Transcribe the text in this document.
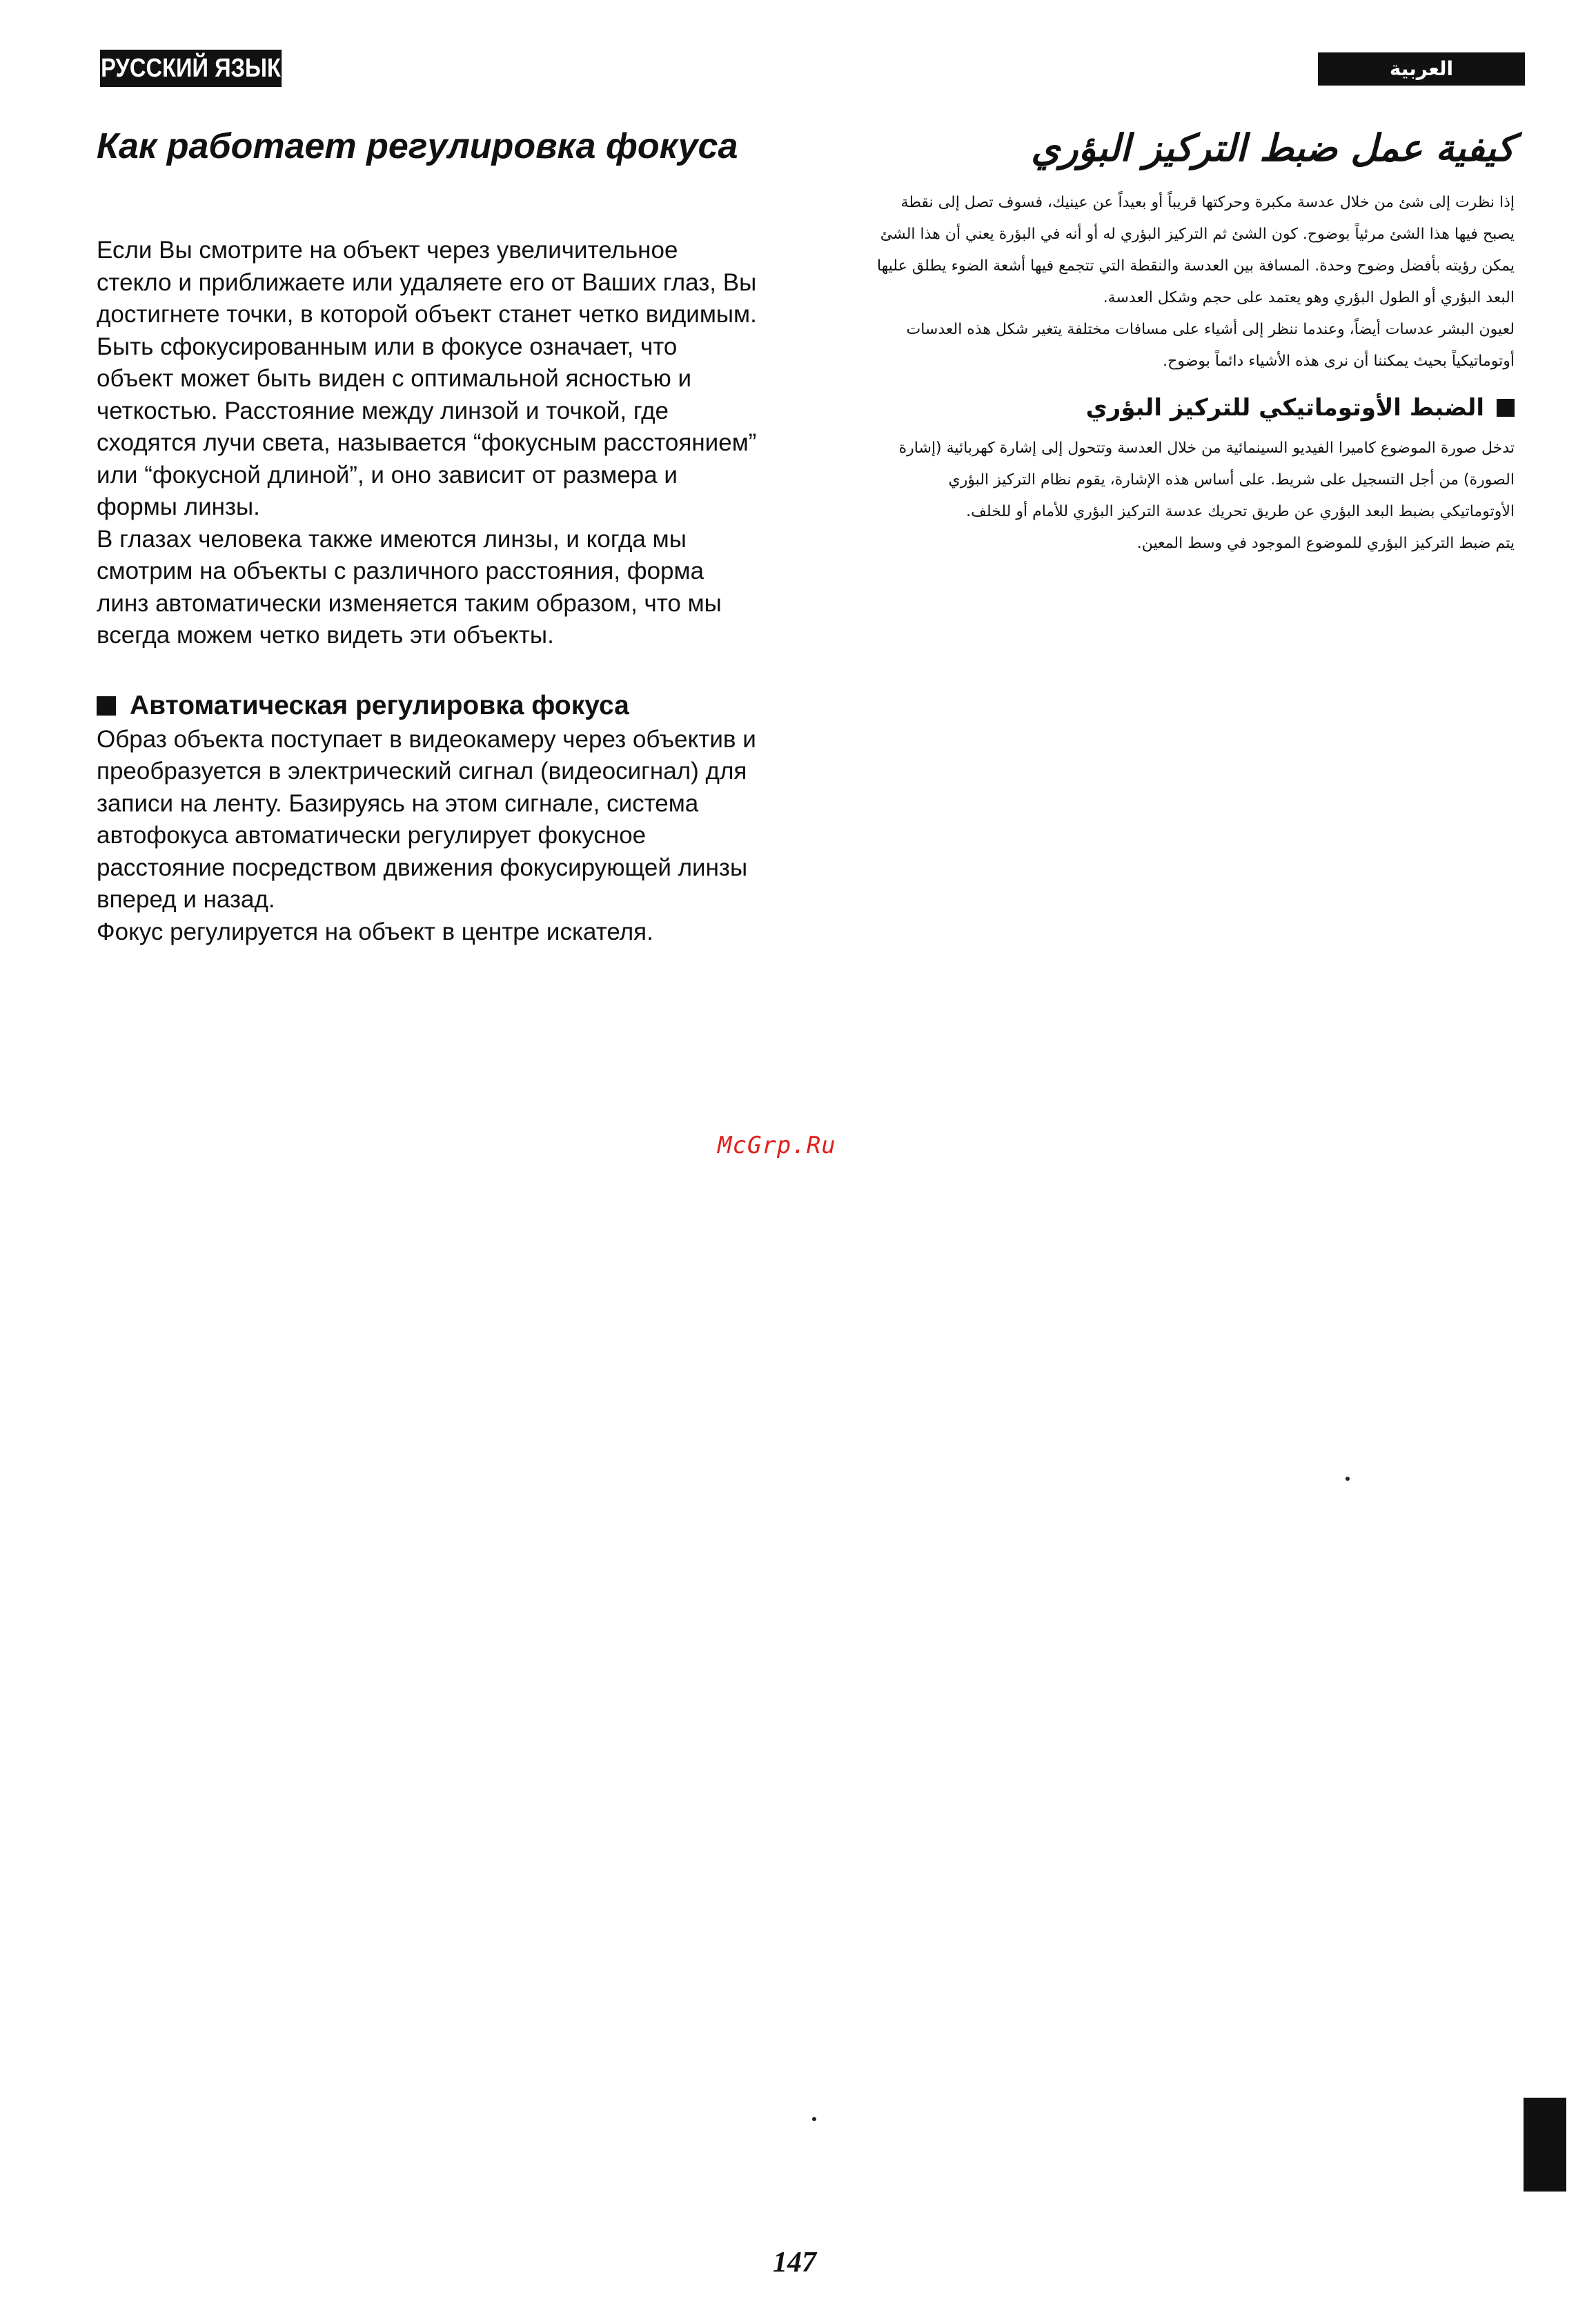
РУССКИЙ ЯЗЫК	العربية
Как работает регулировка фокуса

Если Вы смотрите на объект через увеличительное стекло и приближаете или удаляете его от Ваших глаз, Вы достигнете точки, в которой объект станет четко видимым.

Быть сфокусированным или в фокусе означает, что объект может быть виден с оптимальной ясностью и четкостью. Расстояние между линзой и точкой, где сходятся лучи света, называется “фокусным расстоянием” или “фокусной длиной”, и оно зависит от размера и формы линзы.

В глазах человека также имеются линзы, и когда мы смотрим на объекты с различного расстояния, форма линз автоматически изменяется таким образом, что мы всегда можем четко видеть эти объекты.

Автоматическая регулировка фокуса

Образ объекта поступает в видеокамеру через объектив и преобразуется в электрический сигнал (видеосигнал) для записи на ленту. Базируясь на этом сигнале, система автофокуса автоматически регулирует фокусное расстояние посредством движения фокусирующей линзы вперед и назад.

Фокус регулируется на объект в центре искателя.

كيفية عمل ضبط التركيز البؤري

إذا نظرت إلى شئ من خلال عدسة مكبرة وحركتها قريباً أو بعيداً عن عينيك، فسوف تصل إلى نقطة يصبح فيها هذا الشئ مرئياً بوضوح. كون الشئ ثم التركيز البؤري له أو أنه في البؤرة يعني أن هذا الشئ يمكن رؤيته بأفضل وضوح وحدة. المسافة بين العدسة والنقطة التي تتجمع فيها أشعة الضوء يطلق عليها البعد البؤري أو الطول البؤري وهو يعتمد على حجم وشكل العدسة.

لعيون البشر عدسات أيضاً، وعندما ننظر إلى أشياء على مسافات مختلفة يتغير شكل هذه العدسات أوتوماتيكياً بحيث يمكننا أن نرى هذه الأشياء دائماً بوضوح.

الضبط الأوتوماتيكي للتركيز البؤري

تدخل صورة الموضوع كاميرا الفيديو السينمائية من خلال العدسة وتتحول إلى إشارة كهربائية (إشارة الصورة) من أجل التسجيل على شريط. على أساس هذه الإشارة، يقوم نظام التركيز البؤري الأوتوماتيكي بضبط البعد البؤري عن طريق تحريك عدسة التركيز البؤري للأمام أو للخلف.

يتم ضبط التركيز البؤري للموضوع الموجود في وسط المعين.

McGrp.Ru
147
